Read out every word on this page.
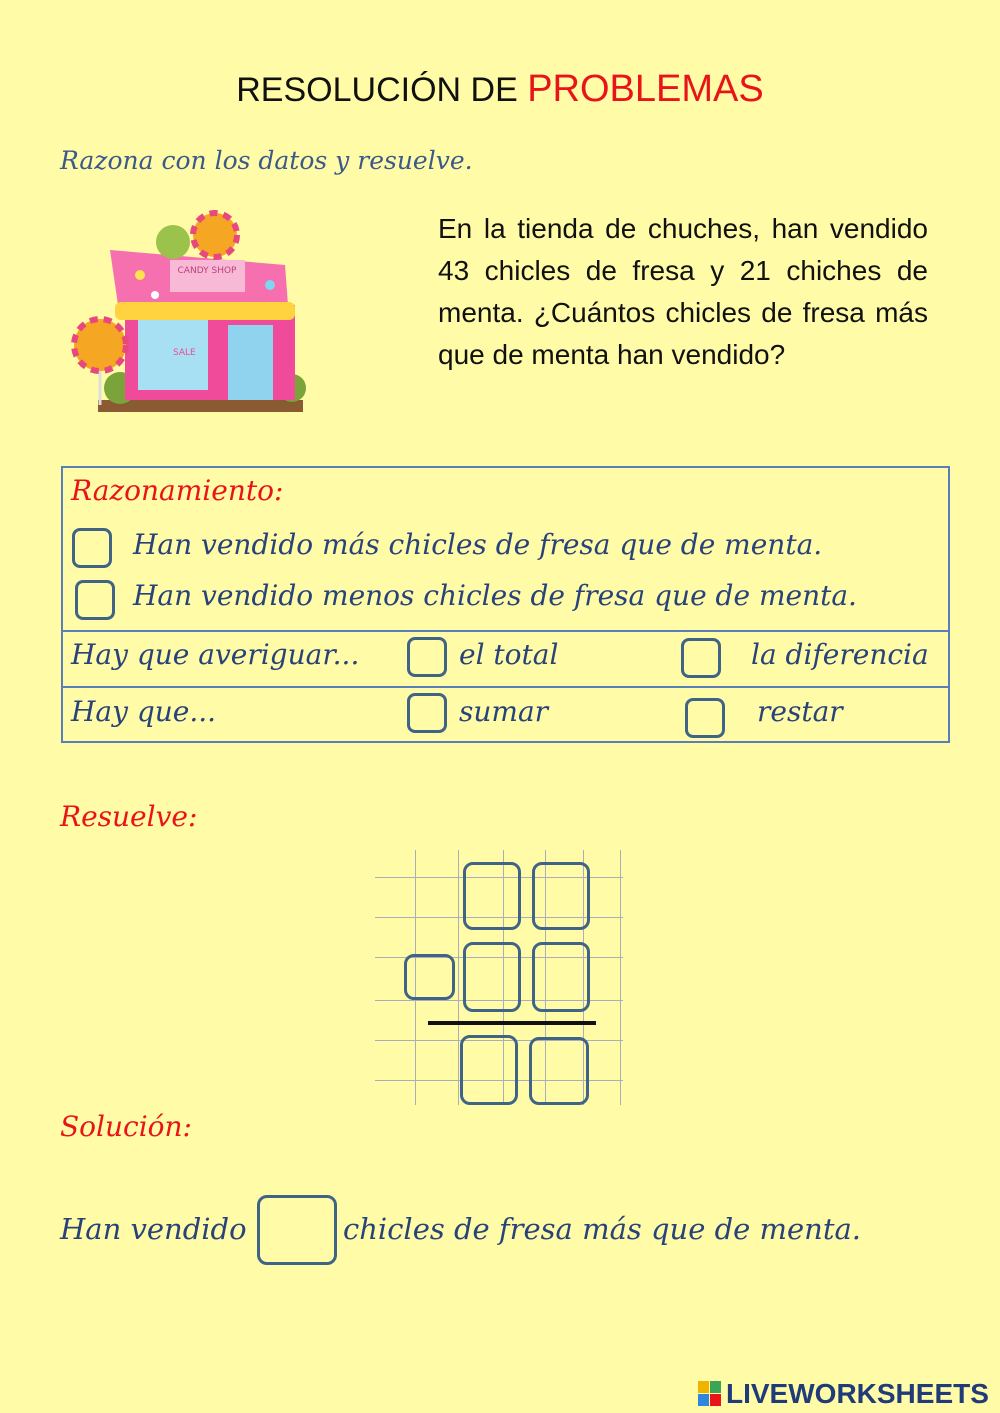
RESOLUCIÓN DE PROBLEMAS
Razona con los datos y resuelve.
CANDY SHOP
SALE
En la tienda de chuches, han vendido 43 chicles de fresa y 21 chiches de menta. ¿Cuántos chicles de fresa más que de menta han vendido?
Razonamiento:
Han vendido más chicles de fresa que de menta.
Han vendido menos chicles de fresa que de menta.
Hay que averiguar...	el total	la diferencia
Hay que...	sumar	restar
Resuelve:
Solución:
Han vendido	chicles de fresa más que de menta.
LIVEWORKSHEETS
